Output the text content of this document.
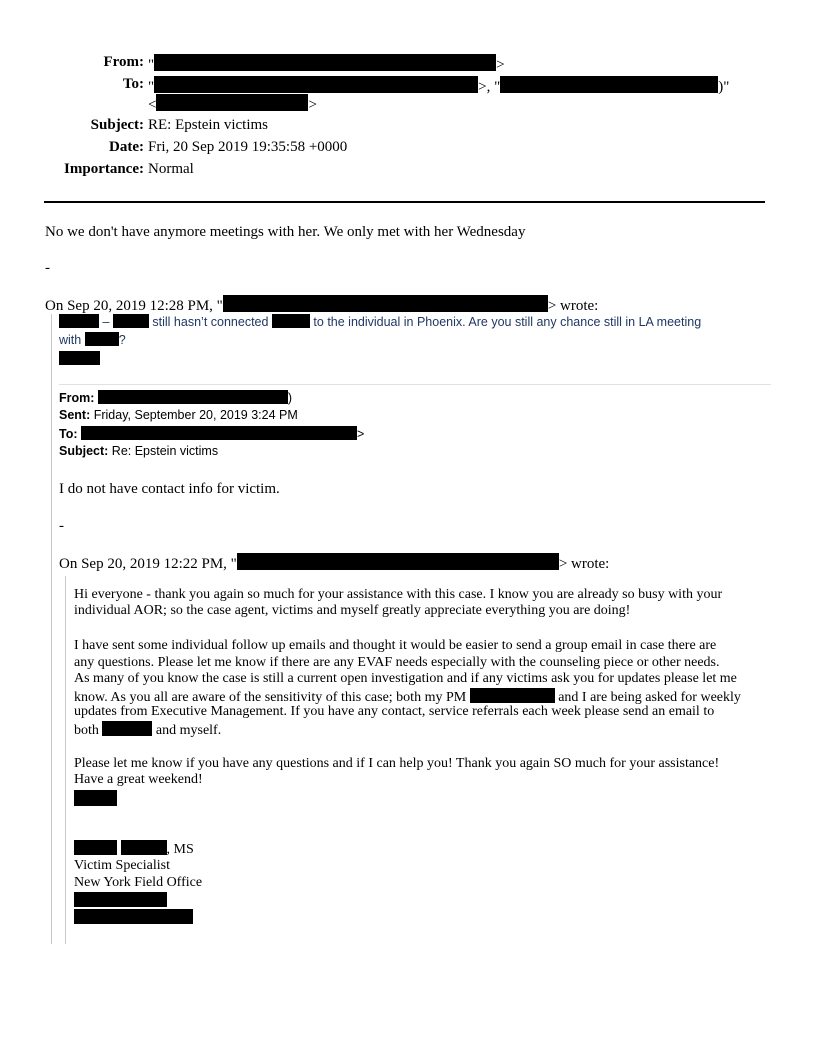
From: "	>
To: "	>, "	)"
<	>
Subject: RE: Epstein victims
Date: Fri, 20 Sep 2019 19:35:58 +0000
Importance: Normal
No we don't have anymore meetings with her. We only met with her Wednesday
-
On Sep 20, 2019 12:28 PM, "	> wrote:
–	still hasn’t connected	to the individual in Phoenix. Are you still any chance still in LA meeting
with	?
From:	)
Sent: Friday, September 20, 2019 3:24 PM
To:	>
Subject: Re: Epstein victims
I do not have contact info for victim.
-
On Sep 20, 2019 12:22 PM, "	> wrote:
Hi everyone - thank you again so much for your assistance with this case. I know you are already so busy with your
individual AOR; so the case agent, victims and myself greatly appreciate everything you are doing!
I have sent some individual follow up emails and thought it would be easier to send a group email in case there are
any questions. Please let me know if there are any EVAF needs especially with the counseling piece or other needs.
As many of you know the case is still a current open investigation and if any victims ask you for updates please let me
know. As you all are aware of the sensitivity of this case; both my PM	and I are being asked for weekly
updates from Executive Management. If you have any contact, service referrals each week please send an email to
both	and myself.
Please let me know if you have any questions and if I can help you! Thank you again SO much for your assistance!
Have a great weekend!
, MS
Victim Specialist
New York Field Office
